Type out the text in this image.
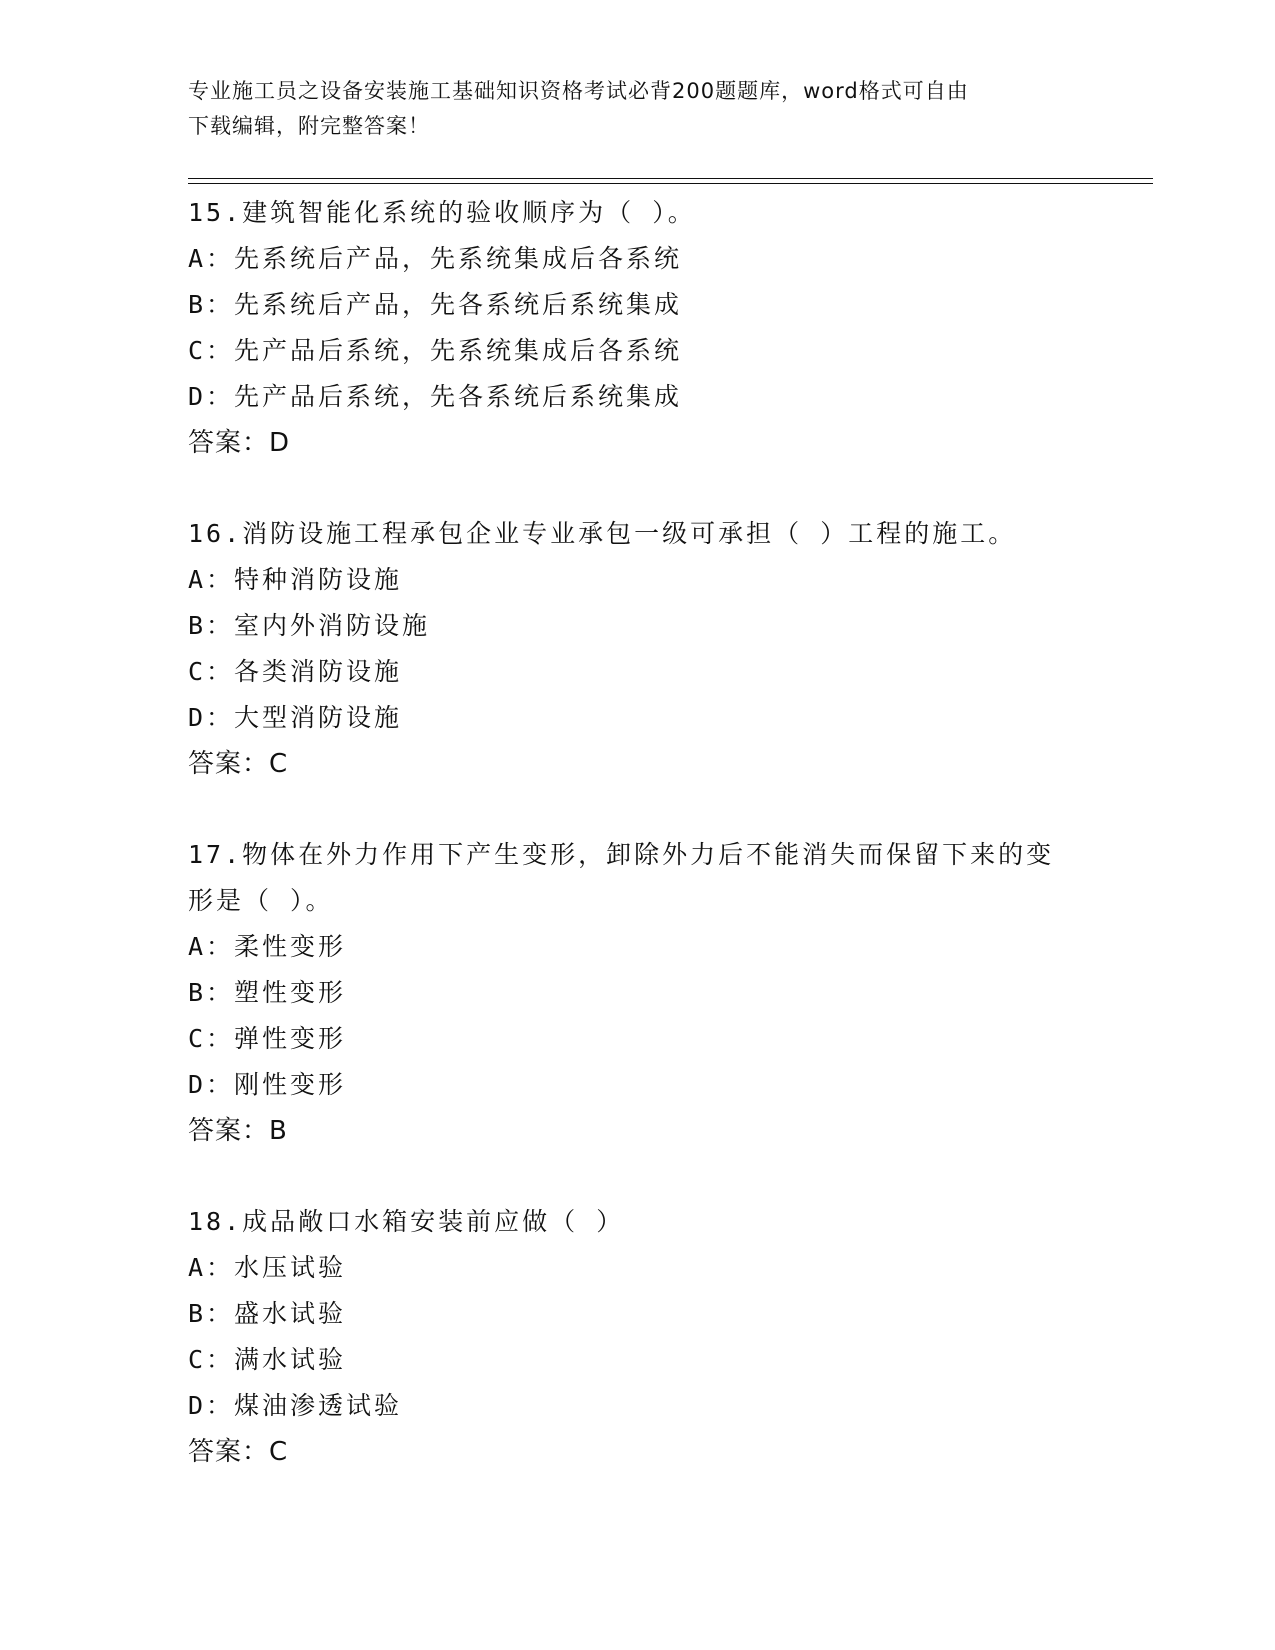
专业施工员之设备安装施工基础知识资格考试必背200题题库，word格式可自由
下载编辑，附完整答案！
15.建筑智能化系统的验收顺序为（ ）。
A：先系统后产品，先系统集成后各系统
B：先系统后产品，先各系统后系统集成
C：先产品后系统，先系统集成后各系统
D：先产品后系统，先各系统后系统集成
答案：D
16.消防设施工程承包企业专业承包一级可承担（ ）工程的施工。
A：特种消防设施
B：室内外消防设施
C：各类消防设施
D：大型消防设施
答案：C
17.物体在外力作用下产生变形，卸除外力后不能消失而保留下来的变
形是（ ）。
A：柔性变形
B：塑性变形
C：弹性变形
D：刚性变形
答案：B
18.成品敞口水箱安装前应做（ ）
A：水压试验
B：盛水试验
C：满水试验
D：煤油渗透试验
答案：C
